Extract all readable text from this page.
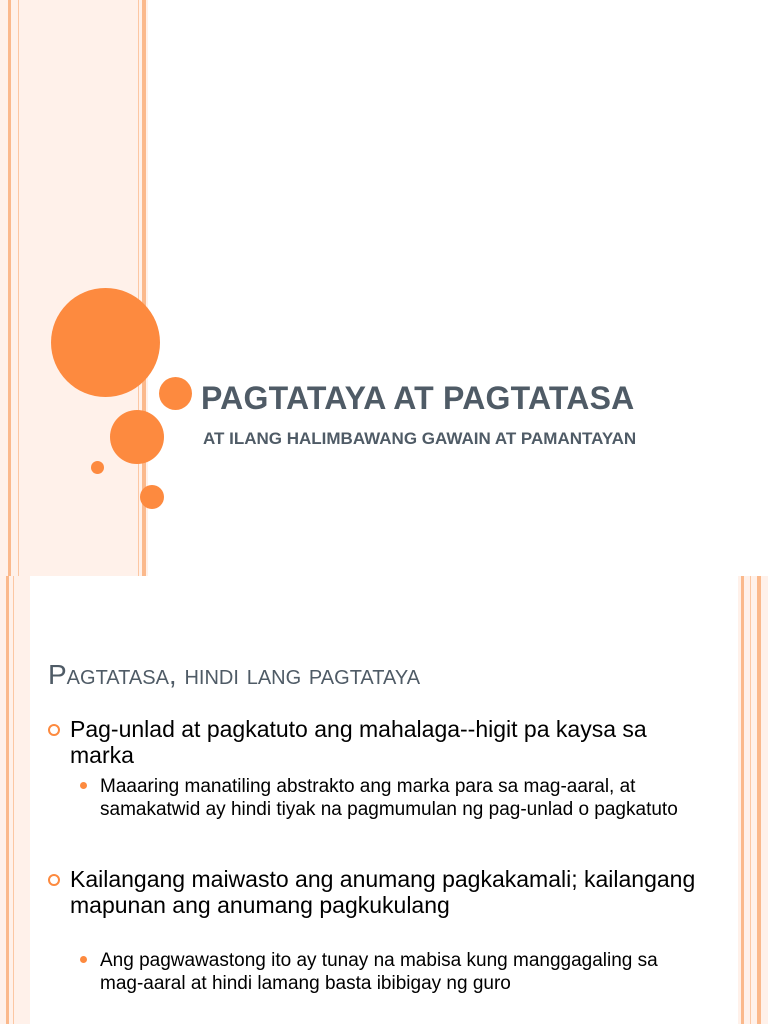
PAGTATAYA AT PAGTATASA
AT ILANG HALIMBAWANG GAWAIN AT PAMANTAYAN
Pagtatasa, hindi lang pagtataya
Pag-unlad at pagkatuto ang mahalaga--higit pa kaysa sa marka
Maaaring manatiling abstrakto ang marka para sa mag-aaral, at samakatwid ay hindi tiyak na pagmumulan ng pag-unlad o pagkatuto
Kailangang maiwasto ang anumang pagkakamali; kailangang mapunan ang anumang pagkukulang
Ang pagwawastong ito ay tunay na mabisa kung manggagaling sa mag-aaral at hindi lamang basta ibibigay ng guro
